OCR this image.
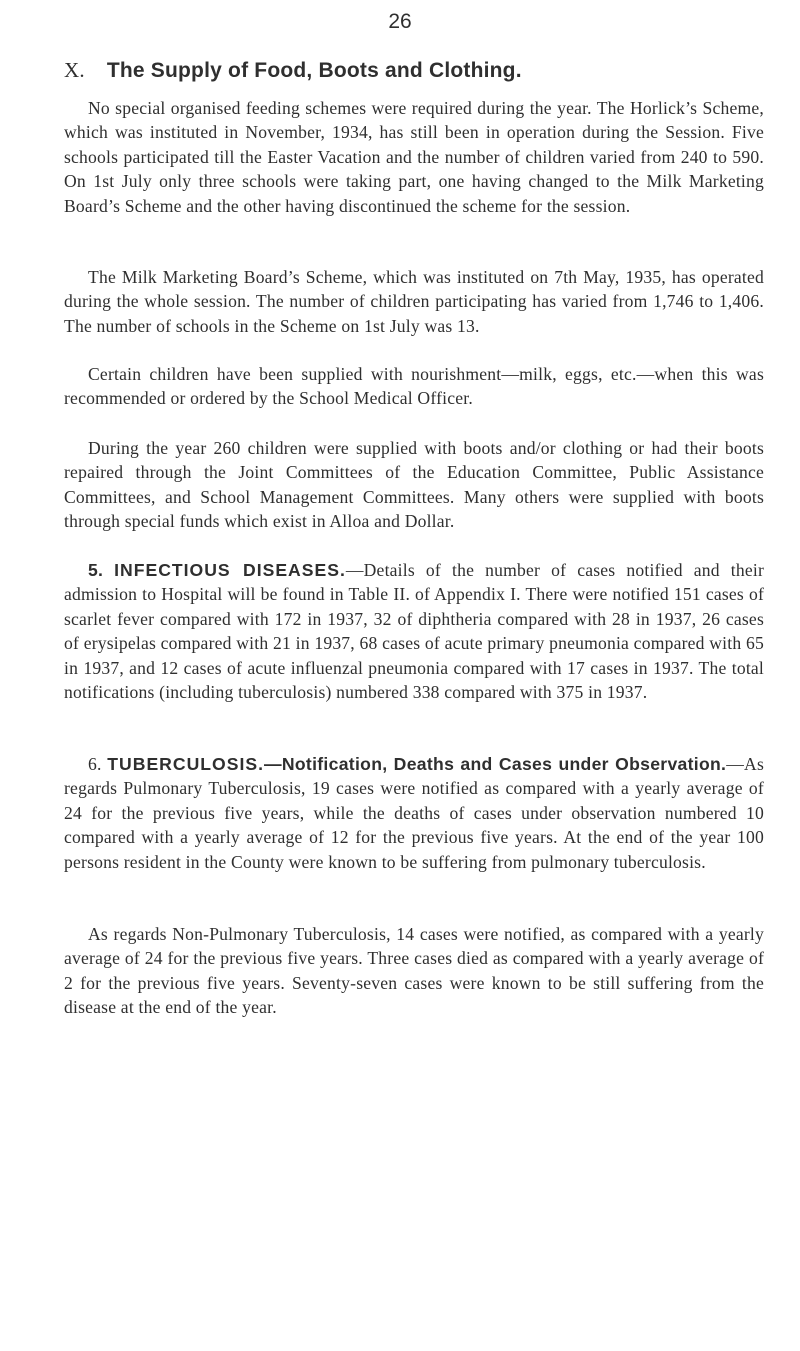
26
X. The Supply of Food, Boots and Clothing.

No special organised feeding schemes were required during the year. The Horlick’s Scheme, which was instituted in November, 1934, has still been in operation during the Session. Five schools participated till the Easter Vacation and the number of children varied from 240 to 590. On 1st July only three schools were taking part, one having changed to the Milk Marketing Board’s Scheme and the other having discontinued the scheme for the session.

The Milk Marketing Board’s Scheme, which was instituted on 7th May, 1935, has operated during the whole session. The number of children participating has varied from 1,746 to 1,406. The number of schools in the Scheme on 1st July was 13.

Certain children have been supplied with nourishment—milk, eggs, etc.—when this was recommended or ordered by the School Medical Officer.

During the year 260 children were supplied with boots and/or clothing or had their boots repaired through the Joint Committees of the Education Committee, Public Assistance Committees, and School Management Committees. Many others were supplied with boots through special funds which exist in Alloa and Dollar.

5. INFECTIOUS DISEASES.—Details of the number of cases notified and their admission to Hospital will be found in Table II. of Appendix I. There were notified 151 cases of scarlet fever compared with 172 in 1937, 32 of diphtheria compared with 28 in 1937, 26 cases of erysipelas compared with 21 in 1937, 68 cases of acute primary pneumonia compared with 65 in 1937, and 12 cases of acute influenzal pneumonia compared with 17 cases in 1937. The total notifications (including tuberculosis) numbered 338 compared with 375 in 1937.

6. TUBERCULOSIS.—Notification, Deaths and Cases under Observation.—As regards Pulmonary Tuberculosis, 19 cases were notified as compared with a yearly average of 24 for the previous five years, while the deaths of cases under observation numbered 10 compared with a yearly average of 12 for the previous five years. At the end of the year 100 persons resident in the County were known to be suffering from pulmonary tuberculosis.

As regards Non-Pulmonary Tuberculosis, 14 cases were notified, as compared with a yearly average of 24 for the previous five years. Three cases died as compared with a yearly average of 2 for the previous five years. Seventy-seven cases were known to be still suffering from the disease at the end of the year.
